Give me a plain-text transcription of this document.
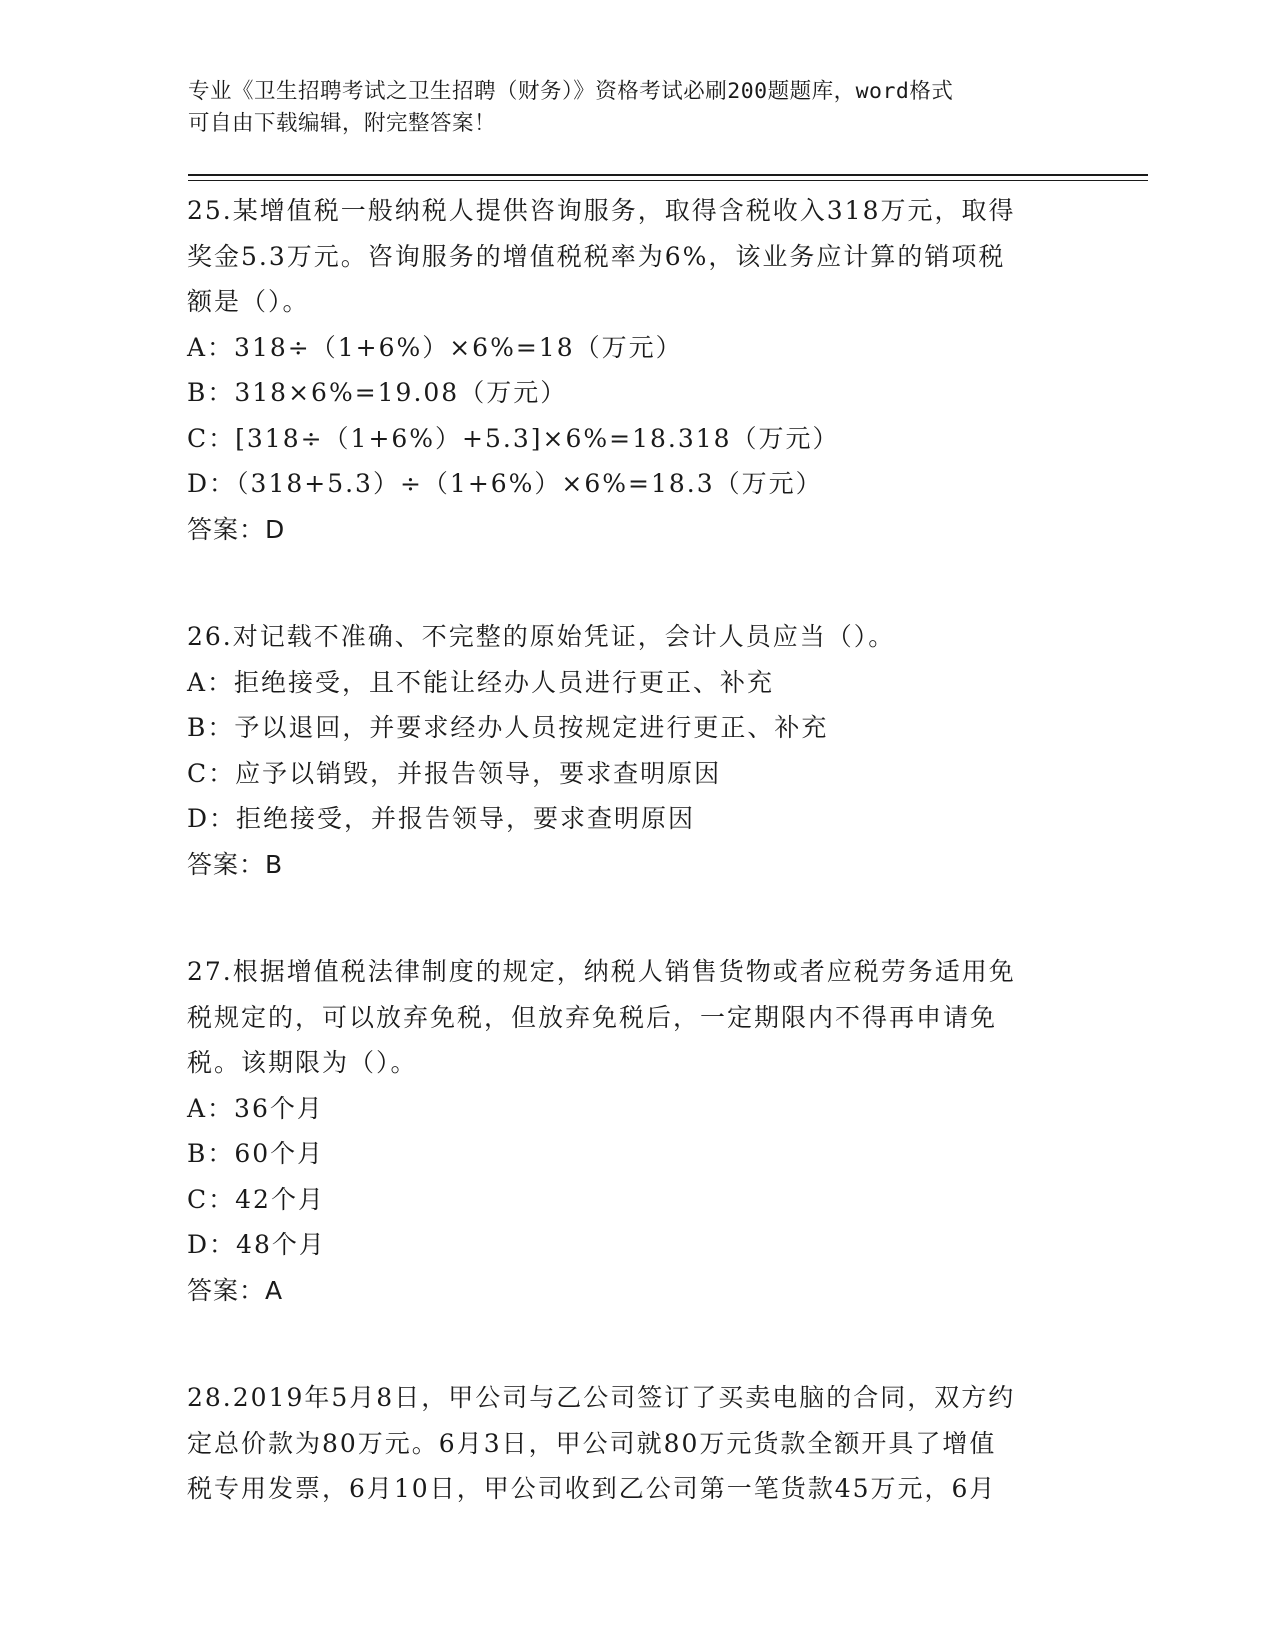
专业《卫生招聘考试之卫生招聘（财务）》资格考试必刷200题题库，word格式
可自由下载编辑，附完整答案！
25.某增值税一般纳税人提供咨询服务，取得含税收入318万元，取得
奖金5.3万元。咨询服务的增值税税率为6%，该业务应计算的销项税
额是（）。
A：318÷（1+6%）×6%=18（万元）
B：318×6%=19.08（万元）
C：[318÷（1+6%）+5.3]×6%=18.318（万元）
D：（318+5.3）÷（1+6%）×6%=18.3（万元）
答案：D
26.对记载不准确、不完整的原始凭证，会计人员应当（）。
A：拒绝接受，且不能让经办人员进行更正、补充
B：予以退回，并要求经办人员按规定进行更正、补充
C：应予以销毁，并报告领导，要求查明原因
D：拒绝接受，并报告领导，要求查明原因
答案：B
27.根据增值税法律制度的规定，纳税人销售货物或者应税劳务适用免
税规定的，可以放弃免税，但放弃免税后，一定期限内不得再申请免
税。该期限为（）。
A：36个月
B：60个月
C：42个月
D：48个月
答案：A
28.2019年5月8日，甲公司与乙公司签订了买卖电脑的合同，双方约
定总价款为80万元。6月3日，甲公司就80万元货款全额开具了增值
税专用发票，6月10日，甲公司收到乙公司第一笔货款45万元，6月
